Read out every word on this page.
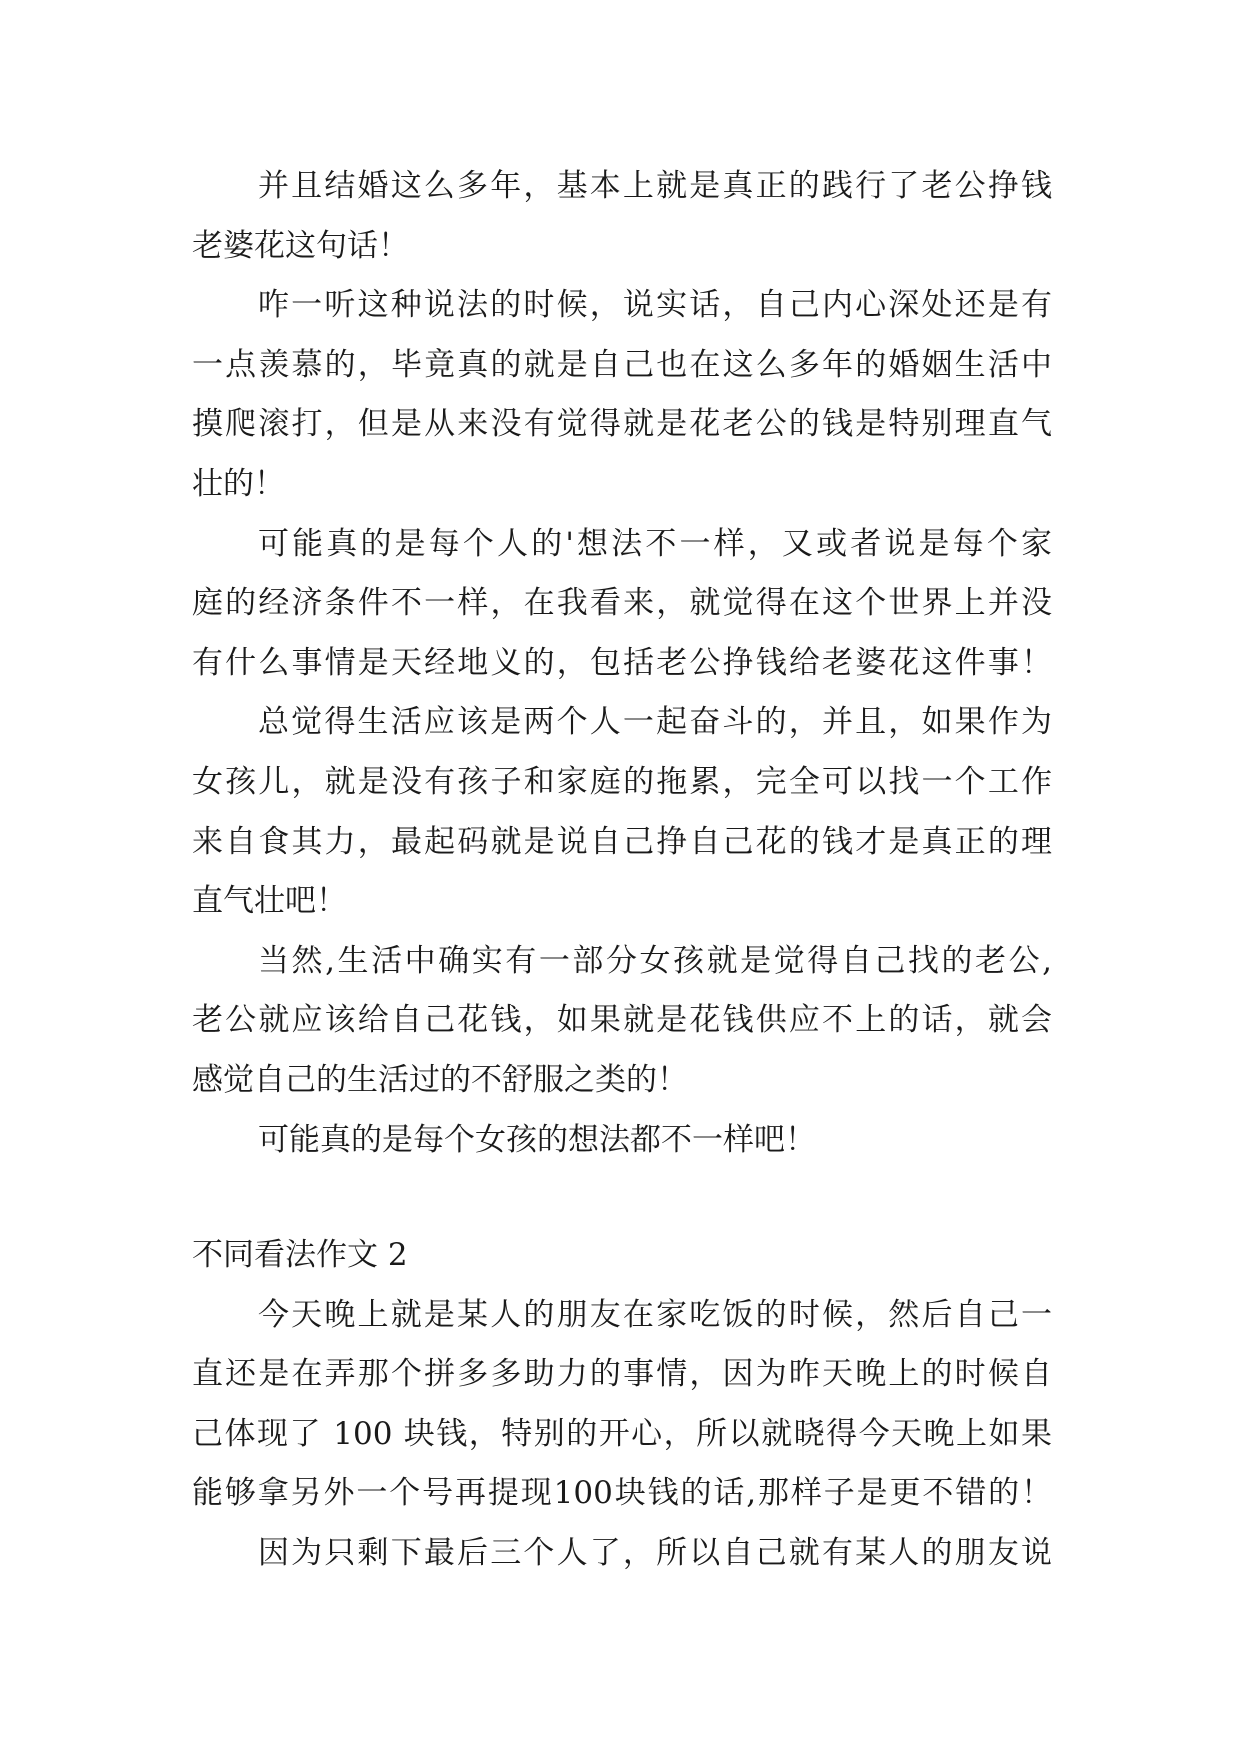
并且结婚这么多年，基本上就是真正的践行了老公挣钱
老婆花这句话！
咋一听这种说法的时候，说实话，自己内心深处还是有
一点羡慕的，毕竟真的就是自己也在这么多年的婚姻生活中
摸爬滚打，但是从来没有觉得就是花老公的钱是特别理直气
壮的！
可能真的是每个人的'想法不一样，又或者说是每个家
庭的经济条件不一样，在我看来，就觉得在这个世界上并没
有什么事情是天经地义的，包括老公挣钱给老婆花这件事！
总觉得生活应该是两个人一起奋斗的，并且，如果作为
女孩儿，就是没有孩子和家庭的拖累，完全可以找一个工作
来自食其力，最起码就是说自己挣自己花的钱才是真正的理
直气壮吧！
当然,生活中确实有一部分女孩就是觉得自己找的老公,
老公就应该给自己花钱，如果就是花钱供应不上的话，就会
感觉自己的生活过的不舒服之类的！
可能真的是每个女孩的想法都不一样吧！
不同看法作文 2
今天晚上就是某人的朋友在家吃饭的时候，然后自己一
直还是在弄那个拼多多助力的事情，因为昨天晚上的时候自
己体现了 100 块钱，特别的开心，所以就晓得今天晚上如果
能够拿另外一个号再提现100块钱的话,那样子是更不错的！
因为只剩下最后三个人了，所以自己就有某人的朋友说
